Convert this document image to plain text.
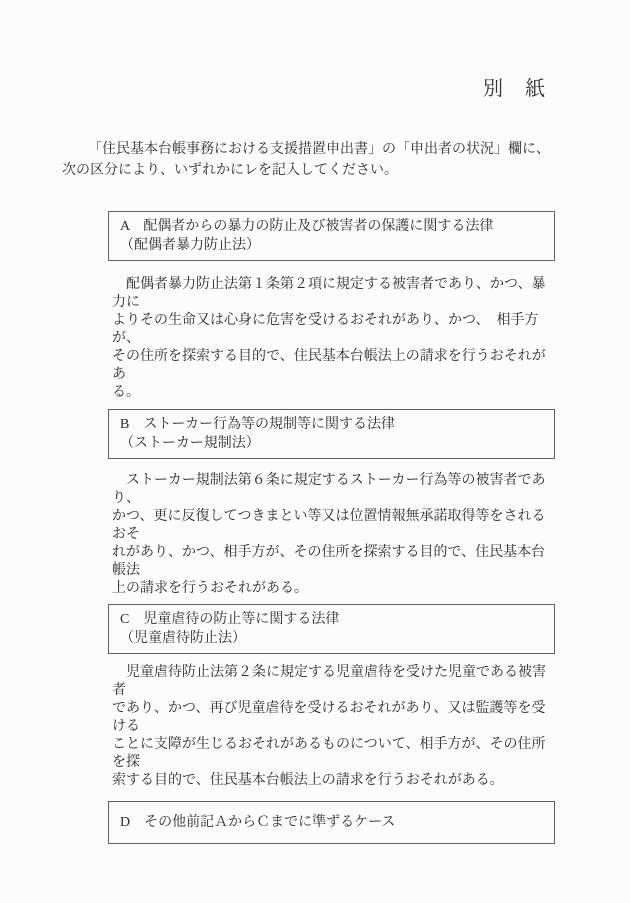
別　紙

「住民基本台帳事務における支援措置申出書」の「申出者の状況」欄に、
次の区分により、いずれかにレを記入してください。

A　配偶者からの暴力の防止及び被害者の保護に関する法律
（配偶者暴力防止法）

配偶者暴力防止法第１条第２項に規定する被害者であり、かつ、暴力に
よりその生命又は心身に危害を受けるおそれがあり、かつ、　相手方が、
その住所を探索する目的で、住民基本台帳法上の請求を行うおそれがあ
る。

B　ストーカー行為等の規制等に関する法律
（ストーカー規制法）

ストーカー規制法第６条に規定するストーカー行為等の被害者であり、
かつ、更に反復してつきまとい等又は位置情報無承諾取得等をされるおそ
れがあり、かつ、相手方が、その住所を探索する目的で、住民基本台帳法
上の請求を行うおそれがある。

C　児童虐待の防止等に関する法律
（児童虐待防止法）

児童虐待防止法第２条に規定する児童虐待を受けた児童である被害者
であり、かつ、再び児童虐待を受けるおそれがあり、又は監護等を受ける
ことに支障が生じるおそれがあるものについて、相手方が、その住所を探
索する目的で、住民基本台帳法上の請求を行うおそれがある。

D　その他前記ＡからＣまでに準ずるケース
